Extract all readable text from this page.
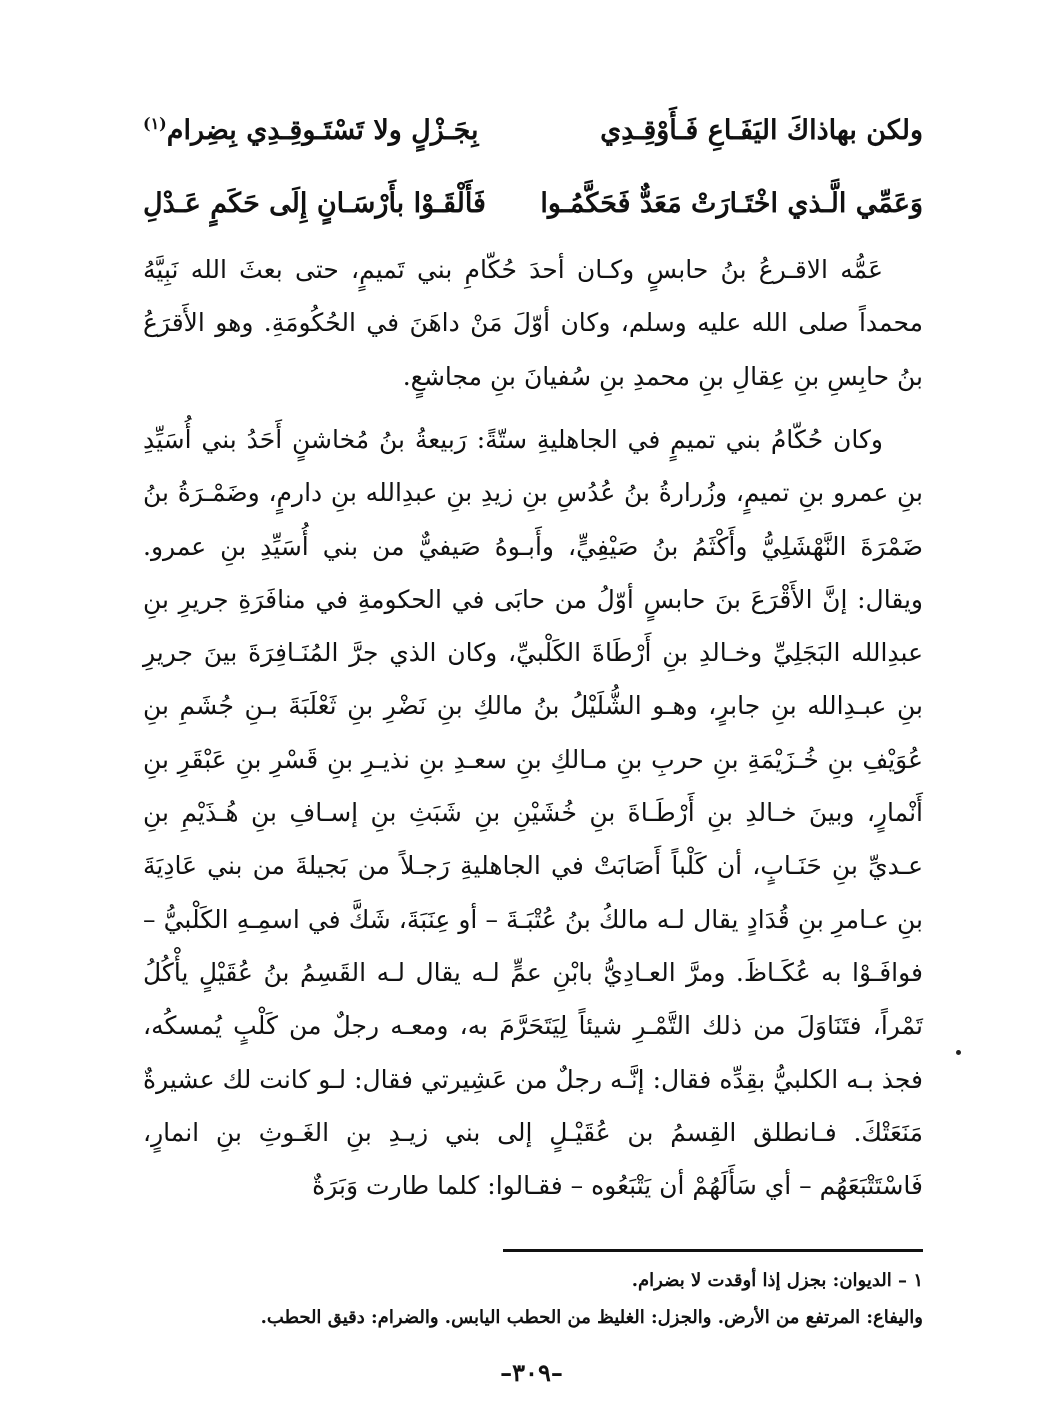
ولكن بهاذاكَ اليَفَـاعِ فَـأَوْقِـدِي
بِجَـزْلٍ ولا تَسْتَـوقِـدِي بِضِرام$^{(١)}$
وَعَمِّي الَّـذي اخْتَـارَتْ مَعَدٌّ فَحَكَّمُـوا
فَأَلْقَـوْا بأَرْسَـانٍ إِلَى حَكَمٍ عَـدْلِ

عَمُّه الاقـرعُ بنُ حابسٍ وكـان أحدَ حُكّامِ بني تَميمٍ، حتى بعثَ الله نَبِيَّهُ محمداً صلى الله عليه وسلم، وكان أوّلَ مَنْ داهَنَ في الحُكُومَةِ. وهو الأَقرَعُ بنُ حابِسِ بنِ عِقالِ بنِ محمدِ بنِ سُفيانَ بنِ مجاشعٍ.

وكان حُكّامُ بني تميمٍ في الجاهليةِ ستّةً: رَبيعةُ بنُ مُخاشنٍ أَحَدُ بني أُسَيِّدِ بنِ عمرو بنِ تميمٍ، وزُرارةُ بنُ عُدُسِ بنِ زيدِ بنِ عبدِالله بنِ دارمٍ، وضَمْـرَةُ بنُ ضَمْرَةَ النَّهْشَلِيُّ وأَكْثَمُ بنُ صَيْفِيٍّ، وأَبـوهُ صَيفيٌّ من بني أُسَيِّدِ بنِ عمرو. ويقال: إنَّ الأَقْرَعَ بنَ حابسٍ أوّلُ من حابَى في الحكومةِ في منافَرَةِ جريرِ بنِ عبدِالله البَجَلِيِّ وخـالدِ بنِ أَرْطَاةَ الكَلْبيِّ، وكان الذي جرَّ المُنَـافِرَةَ بينَ جريرِ بنِ عبـدِالله بنِ جابرٍ، وهـو الشُّلَيْلُ بنُ مالكِ بنِ نَضْرِ بنِ ثَعْلَبَةَ بـنِ جُشَمِ بنِ عُوَيْفِ بنِ خُـزَيْمَةِ بنِ حربِ بنِ مـالكِ بنِ سعـدِ بنِ نذيـرِ بنِ قَسْرِ بنِ عَبْقَرِ بنِ أَنْمارٍ، وبينَ خـالدِ بنِ أَرْطَـاةَ بنِ خُشَيْنِ بنِ شَبَثِ بنِ إسـافِ بنِ هُـذَيْمِ بنِ عـديِّ بنِ حَنَـابٍ، أن كَلْباً أَصَابَتْ في الجاهليةِ رَجـلاً من بَجيلةَ من بني عَادِيَةَ بنِ عـامرِ بنِ قُدَادٍ يقال لـه مالكُ بنُ عُتْبَـةَ – أو عِنَبَةَ، شَكَّ في اسمِـهِ الكَلْبيُّ – فوافَـوْا به عُكَـاظَ. ومرَّ العـادِيُّ بابْنِ عمٍّ لـه يقال لـه القَسِمُ بنُ عُقَيْلٍ يأْكُلُ تَمْراً، فتَنَاوَلَ من ذلك التَّمْـرِ شيئاً لِيَتَحَرَّمَ به، ومعـه رجلٌ من كَلْبٍ يُمسكُه، فجذ بـه الكلبيُّ بقِدِّه فقال: إنَّـه رجلٌ من عَشِيرتي فقال: لـو كانت لك عشيرةٌ مَنَعَتْكَ. فـانطلق القِسمُ بن عُقَيْـلٍ إلى بني زيـدِ بنِ الغَـوثِ بنِ انمارٍ، فَاسْتَتْبَعَهُم – أي سَأَلَهُمْ أن يَتْبَعُوه – فقـالوا: كلما طارت وَبَرَةٌ

١ – الديوان: بجزل إذا أوقدت لا بضرام.
واليفاع: المرتفع من الأرض. والجزل: الغليظ من الحطب اليابس. والضرام: دقيق الحطب.
–٣٠٩–
